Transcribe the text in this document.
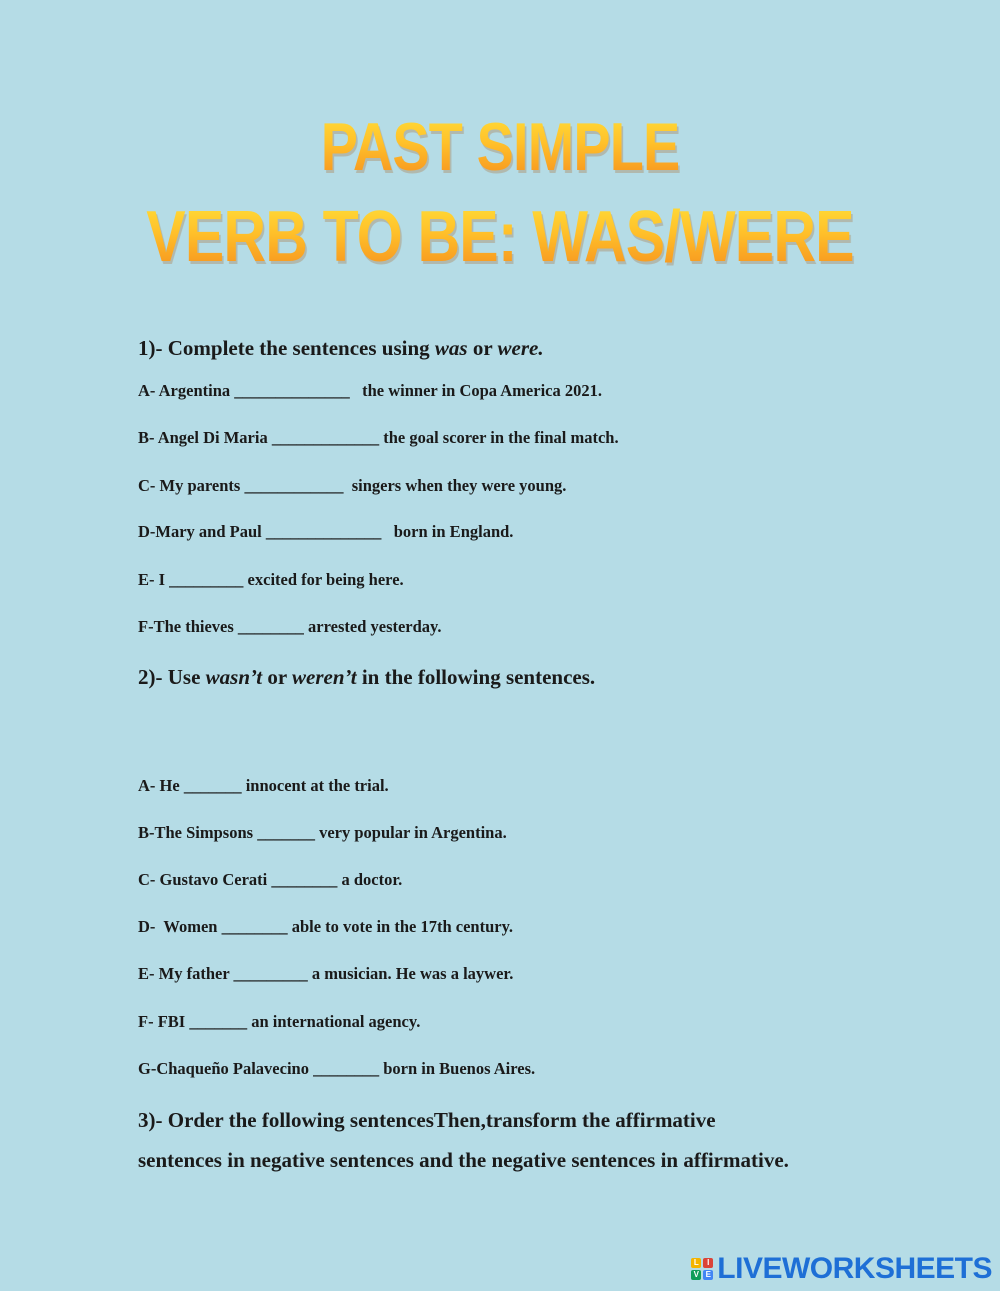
PAST SIMPLE
VERB TO BE: WAS/WERE
1)- Complete the sentences using was or were.
A- Argentina ______________   the winner in Copa America 2021.
B- Angel Di Maria _____________ the goal scorer in the final match.
C- My parents ____________  singers when they were young.
D-Mary and Paul ______________   born in England.
E- I _________ excited for being here.
F-The thieves ________ arrested yesterday.
2)- Use wasn’t or weren’t in the following sentences.
A- He _______ innocent at the trial.
B-The Simpsons _______ very popular in Argentina.
C- Gustavo Cerati ________ a doctor.
D-  Women ________ able to vote in the 17th century.
E- My father _________ a musician. He was a laywer.
F- FBI _______ an international agency.
G-Chaqueño Palavecino ________ born in Buenos Aires.
3)- Order the following sentencesThen,transform the affirmative
sentences in negative sentences and the negative sentences in affirmative.
L	I
V E LIVEWORKSHEETS
